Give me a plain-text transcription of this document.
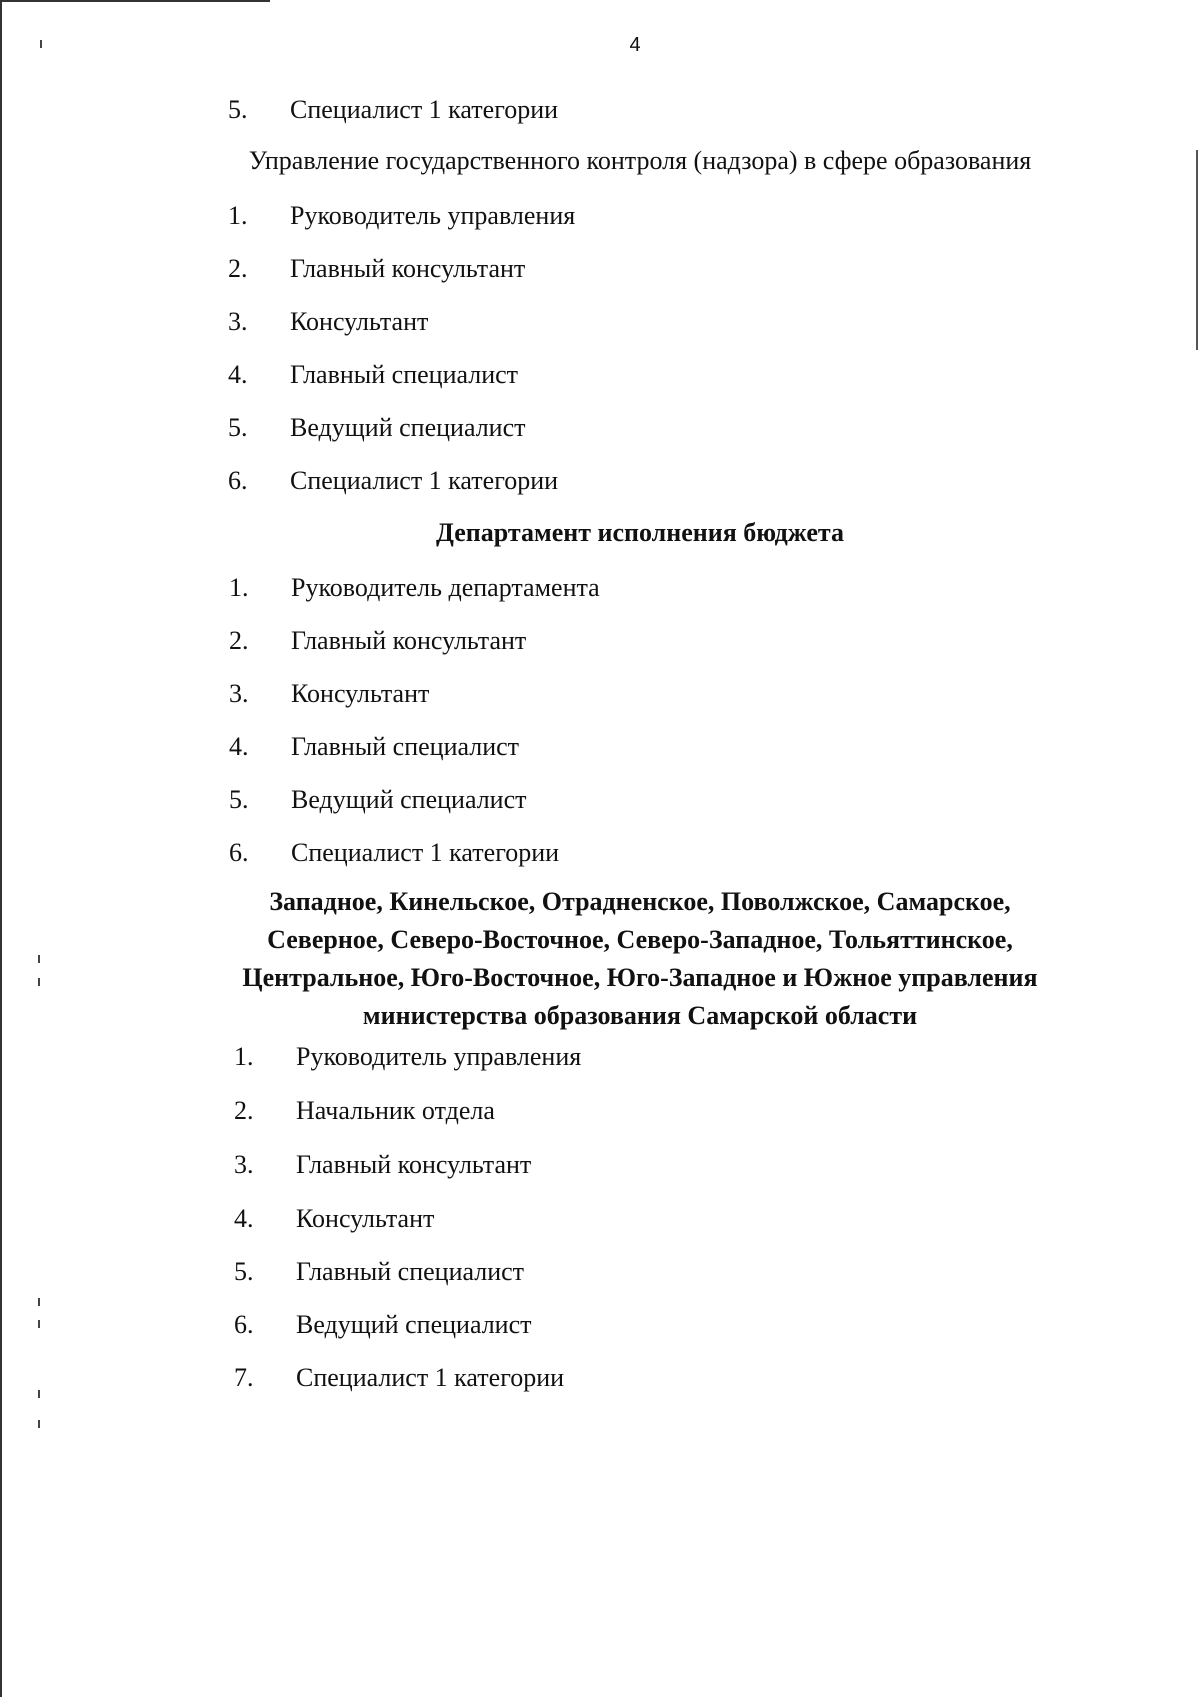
4
5.	Специалист 1 категории
Управление государственного контроля (надзора) в сфере образования
1.	Руководитель управления
2.	Главный консультант
3.	Консультант
4.	Главный специалист
5.	Ведущий специалист
6.	Специалист 1 категории
Департамент исполнения бюджета
1.	Руководитель департамента
2.	Главный консультант
3.	Консультант
4.	Главный специалист
5.	Ведущий специалист
6.	Специалист 1 категории
Западное, Кинельское, Отрадненское, Поволжское, Самарское,
Северное, Северо-Восточное, Северо-Западное, Тольяттинское,
Центральное, Юго-Восточное, Юго-Западное и Южное управления
министерства образования Самарской области
1.	Руководитель управления
2.	Начальник отдела
3.	Главный консультант
4.	Консультант
5.	Главный специалист
6.	Ведущий специалист
7.	Специалист 1 категории
